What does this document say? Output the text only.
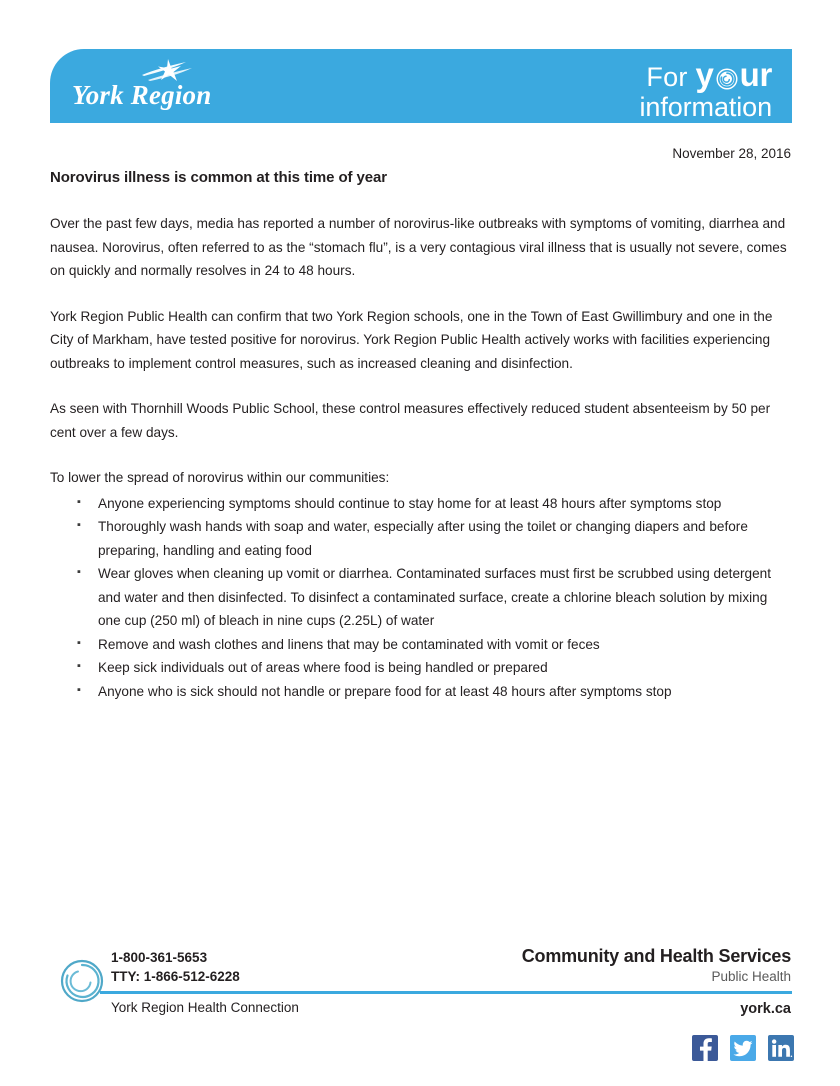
York Region
For y ur
information
November 28, 2016
Norovirus illness is common at this time of year

Over the past few days, media has reported a number of norovirus-like outbreaks with symptoms of vomiting, diarrhea and nausea. Norovirus, often referred to as the “stomach flu”, is a very contagious viral illness that is usually not severe, comes on quickly and normally resolves in 24 to 48 hours.

York Region Public Health can confirm that two York Region schools, one in the Town of East Gwillimbury and one in the City of Markham, have tested positive for norovirus. York Region Public Health actively works with facilities experiencing outbreaks to implement control measures, such as increased cleaning and disinfection.

As seen with Thornhill Woods Public School, these control measures effectively reduced student absenteeism by 50 per cent over a few days.

To lower the spread of norovirus within our communities:

▪ Anyone experiencing symptoms should continue to stay home for at least 48 hours after symptoms stop
▪ Thoroughly wash hands with soap and water, especially after using the toilet or changing diapers and before preparing, handling and eating food
▪ Wear gloves when cleaning up vomit or diarrhea. Contaminated surfaces must first be scrubbed using detergent and water and then disinfected. To disinfect a contaminated surface, create a chlorine bleach solution by mixing one cup (250 ml) of bleach in nine cups (2.25L) of water
▪ Remove and wash clothes and linens that may be contaminated with vomit or feces
▪ Keep sick individuals out of areas where food is being handled or prepared
▪ Anyone who is sick should not handle or prepare food for at least 48 hours after symptoms stop
1-800-361-5653
TTY: 1-866-512-6228
York Region Health Connection
Community and Health Services
Public Health
york.ca
